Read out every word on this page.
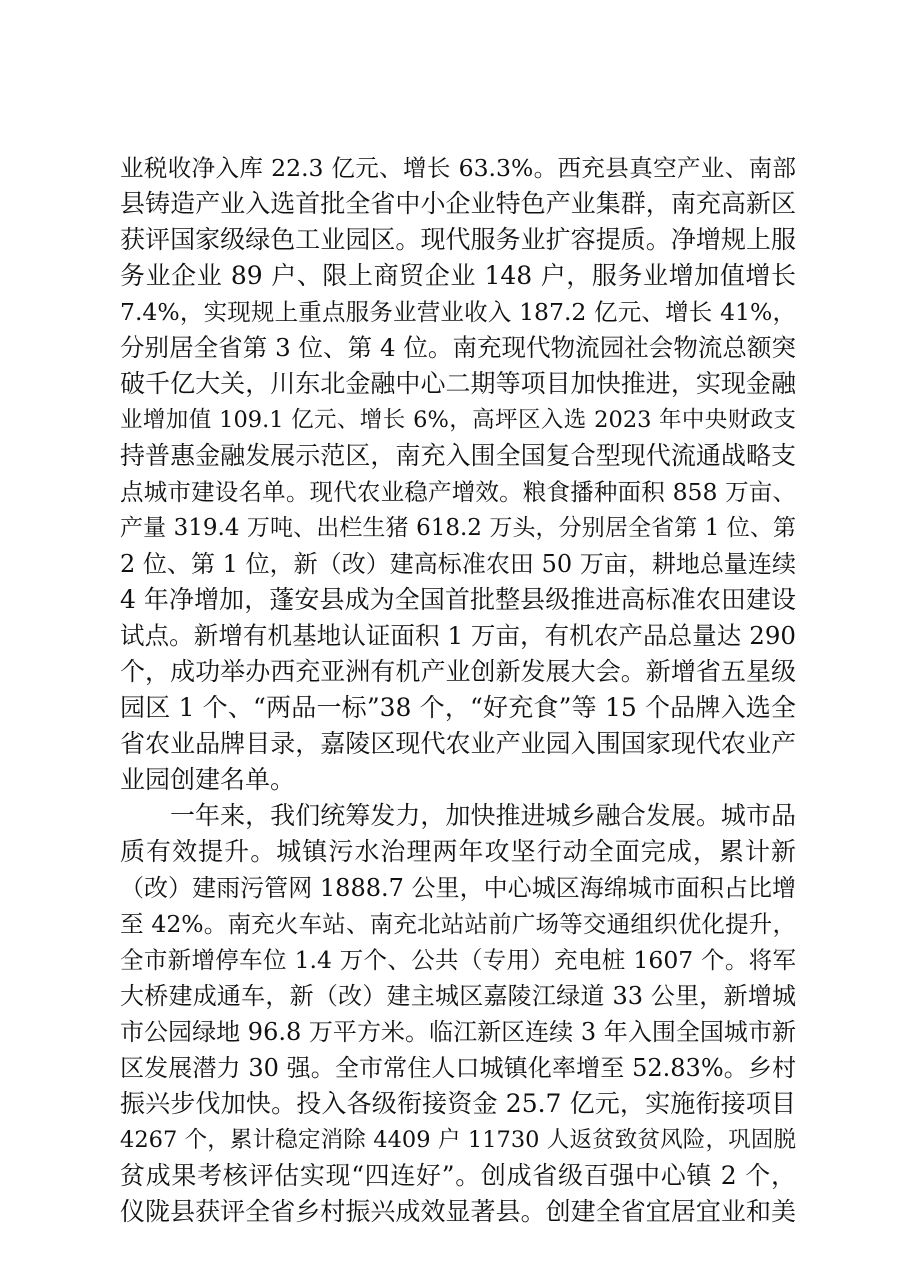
业税收净入库 22.3 亿元、增长 63.3%。西充县真空产业、南部
县铸造产业入选首批全省中小企业特色产业集群，南充高新区
获评国家级绿色工业园区。现代服务业扩容提质。净增规上服
务业企业 89 户、限上商贸企业 148 户，服务业增加值增长
7.4%，实现规上重点服务业营业收入 187.2 亿元、增长 41%，
分别居全省第 3 位、第 4 位。南充现代物流园社会物流总额突
破千亿大关，川东北金融中心二期等项目加快推进，实现金融
业增加值 109.1 亿元、增长 6%，高坪区入选 2023 年中央财政支
持普惠金融发展示范区，南充入围全国复合型现代流通战略支
点城市建设名单。现代农业稳产增效。粮食播种面积 858 万亩、
产量 319.4 万吨、出栏生猪 618.2 万头，分别居全省第 1 位、第
2 位、第 1 位，新（改）建高标准农田 50 万亩，耕地总量连续
4 年净增加，蓬安县成为全国首批整县级推进高标准农田建设
试点。新增有机基地认证面积 1 万亩，有机农产品总量达 290
个，成功举办西充亚洲有机产业创新发展大会。新增省五星级
园区 1 个、“两品一标”38 个，“好充食”等 15 个品牌入选全
省农业品牌目录，嘉陵区现代农业产业园入围国家现代农业产
业园创建名单。
一年来，我们统筹发力，加快推进城乡融合发展。城市品
质有效提升。城镇污水治理两年攻坚行动全面完成，累计新
（改）建雨污管网 1888.7 公里，中心城区海绵城市面积占比增
至 42%。南充火车站、南充北站站前广场等交通组织优化提升，
全市新增停车位 1.4 万个、公共（专用）充电桩 1607 个。将军
大桥建成通车，新（改）建主城区嘉陵江绿道 33 公里，新增城
市公园绿地 96.8 万平方米。临江新区连续 3 年入围全国城市新
区发展潜力 30 强。全市常住人口城镇化率增至 52.83%。乡村
振兴步伐加快。投入各级衔接资金 25.7 亿元，实施衔接项目
4267 个，累计稳定消除 4409 户 11730 人返贫致贫风险，巩固脱
贫成果考核评估实现“四连好”。创成省级百强中心镇 2 个，
仪陇县获评全省乡村振兴成效显著县。创建全省宜居宜业和美
